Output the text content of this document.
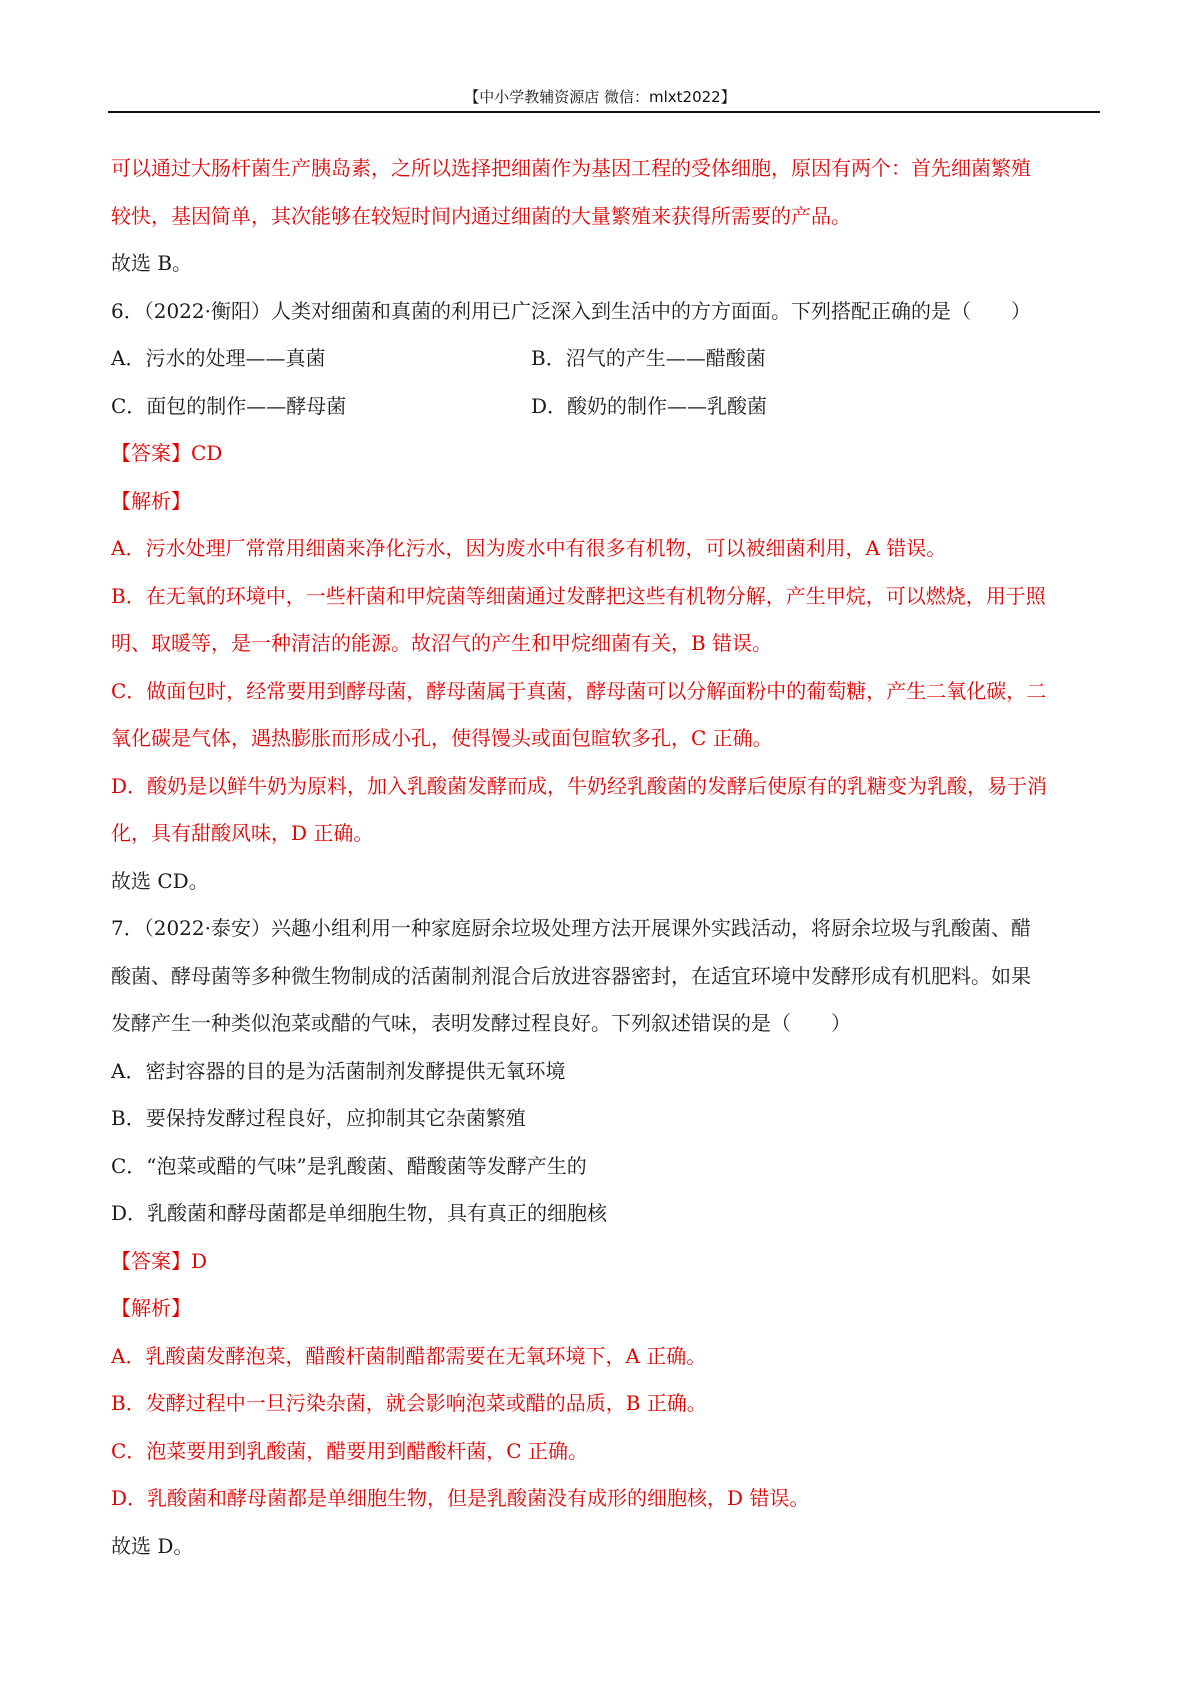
【中小学教辅资源店 微信：mlxt2022】
可以通过大肠杆菌生产胰岛素，之所以选择把细菌作为基因工程的受体细胞，原因有两个：首先细菌繁殖
较快，基因简单，其次能够在较短时间内通过细菌的大量繁殖来获得所需要的产品。
故选 B。
6．（2022·衡阳）人类对细菌和真菌的利用已广泛深入到生活中的方方面面。下列搭配正确的是（　　）
A．污水的处理——真菌	B．沼气的产生——醋酸菌
C．面包的制作——酵母菌	D．酸奶的制作——乳酸菌
【答案】CD
【解析】
A．污水处理厂常常用细菌来净化污水，因为废水中有很多有机物，可以被细菌利用，A 错误。
B．在无氧的环境中，一些杆菌和甲烷菌等细菌通过发酵把这些有机物分解，产生甲烷，可以燃烧，用于照
明、取暖等，是一种清洁的能源。故沼气的产生和甲烷细菌有关，B 错误。
C．做面包时，经常要用到酵母菌，酵母菌属于真菌，酵母菌可以分解面粉中的葡萄糖，产生二氧化碳，二
氧化碳是气体，遇热膨胀而形成小孔，使得馒头或面包暄软多孔，C 正确。
D．酸奶是以鲜牛奶为原料，加入乳酸菌发酵而成，牛奶经乳酸菌的发酵后使原有的乳糖变为乳酸，易于消
化，具有甜酸风味，D 正确。
故选 CD。
7．（2022·泰安）兴趣小组利用一种家庭厨余垃圾处理方法开展课外实践活动，将厨余垃圾与乳酸菌、醋
酸菌、酵母菌等多种微生物制成的活菌制剂混合后放进容器密封，在适宜环境中发酵形成有机肥料。如果
发酵产生一种类似泡菜或醋的气味，表明发酵过程良好。下列叙述错误的是（　　）
A．密封容器的目的是为活菌制剂发酵提供无氧环境
B．要保持发酵过程良好，应抑制其它杂菌繁殖
C．“泡菜或醋的气味”是乳酸菌、醋酸菌等发酵产生的
D．乳酸菌和酵母菌都是单细胞生物，具有真正的细胞核
【答案】D
【解析】
A．乳酸菌发酵泡菜，醋酸杆菌制醋都需要在无氧环境下，A 正确。
B．发酵过程中一旦污染杂菌，就会影响泡菜或醋的品质，B 正确。
C．泡菜要用到乳酸菌，醋要用到醋酸杆菌，C 正确。
D．乳酸菌和酵母菌都是单细胞生物，但是乳酸菌没有成形的细胞核，D 错误。
故选 D。
